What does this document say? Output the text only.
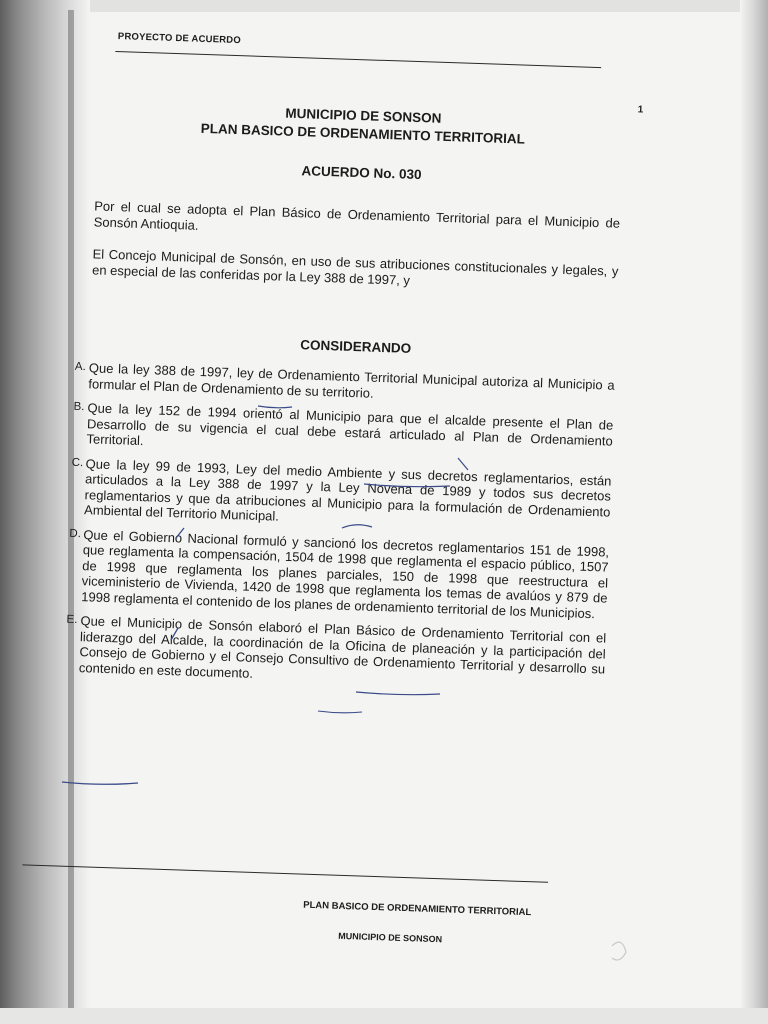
PROYECTO DE ACUERDO
1
MUNICIPIO DE SONSON
PLAN BASICO DE ORDENAMIENTO TERRITORIAL
ACUERDO No. 030
Por el cual se adopta el Plan Básico de Ordenamiento Territorial para el Municipio de Sonsón Antioquia.
El Concejo Municipal de Sonsón, en uso de sus atribuciones constitucionales y legales, y en especial de las conferidas por la Ley 388 de 1997, y
CONSIDERANDO
A. Que la ley 388 de 1997, ley de Ordenamiento Territorial Municipal autoriza al Municipio a formular el Plan de Ordenamiento de su territorio.
B. Que la ley 152 de 1994 orientó al Municipio para que el alcalde presente el Plan de Desarrollo de su vigencia el cual debe estará articulado al Plan de Ordenamiento Territorial.
C. Que la ley 99 de 1993, Ley del medio Ambiente y sus decretos reglamentarios, están articulados a la Ley 388 de 1997 y la Ley Novena de 1989 y todos sus decretos reglamentarios y que da atribuciones al Municipio para la formulación de Ordenamiento Ambiental del Territorio Municipal.
D. Que el Gobierno Nacional formuló y sancionó los decretos reglamentarios 151 de 1998, que reglamenta la compensación, 1504 de 1998 que reglamenta el espacio público, 1507 de 1998 que reglamenta los planes parciales, 150 de 1998 que reestructura el viceministerio de Vivienda, 1420 de 1998 que reglamenta los temas de avalúos y 879 de 1998 reglamenta el contenido de los planes de ordenamiento territorial de los Municipios.
E. Que el Municipio de Sonsón elaboró el Plan Básico de Ordenamiento Territorial con el liderazgo del Alcalde, la coordinación de la Oficina de planeación y la participación del Consejo de Gobierno y el Consejo Consultivo de Ordenamiento Territorial y desarrollo su contenido en este documento.
PLAN BASICO DE ORDENAMIENTO TERRITORIAL
MUNICIPIO DE SONSON
